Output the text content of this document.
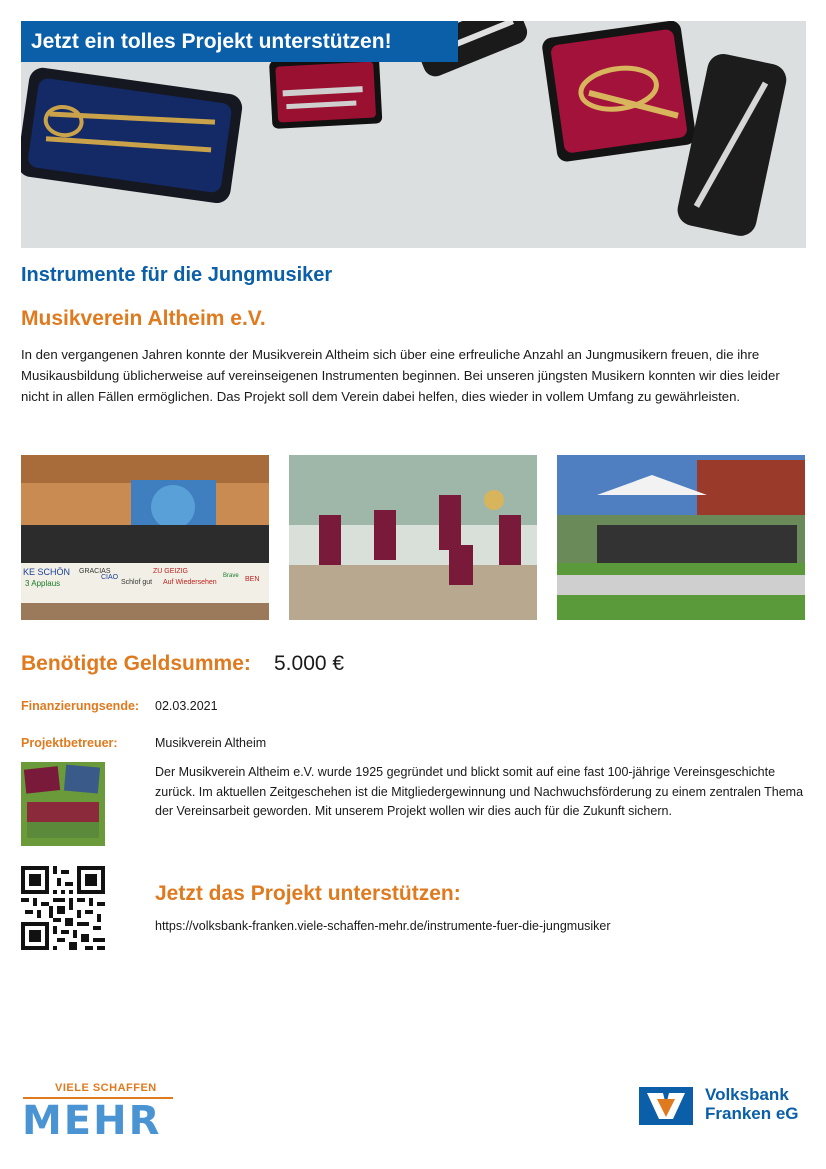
Jetzt ein tolles Projekt unterstützen!
Instrumente für die Jungmusiker
Musikverein Altheim e.V.
In den vergangenen Jahren konnte der Musikverein Altheim sich über eine erfreuliche Anzahl an Jungmusikern freuen, die ihre Musikausbildung üblicherweise auf vereinseigenen Instrumenten beginnen. Bei unseren jüngsten Musikern konnten wir dies leider nicht in allen Fällen ermöglichen. Das Projekt soll dem Verein dabei helfen, dies wieder in vollem Umfang zu gewährleisten.
KE SCHÖN
3 Applaus
GRACIAS	ZU GEIZIG
Schlof gut Auf Wiedersehen
Brave BEN
CIAO
Benötigte Geldsumme: 5.000 €
Finanzierungsende: 02.03.2021
Projektbetreuer:	Musikverein Altheim
Der Musikverein Altheim e.V. wurde 1925 gegründet und blickt somit auf eine fast 100-jährige Vereinsgeschichte zurück. Im aktuellen Zeitgeschehen ist die Mitgliedergewinnung und Nachwuchsförderung zu einem zentralen Thema der Vereinsarbeit geworden. Mit unserem Projekt wollen wir dies auch für die Zukunft sichern.
Jetzt das Projekt unterstützen:
https://volksbank-franken.viele-schaffen-mehr.de/instrumente-fuer-die-jungmusiker
VIELE SCHAFFEN
MEHR
Volksbank
Franken eG
